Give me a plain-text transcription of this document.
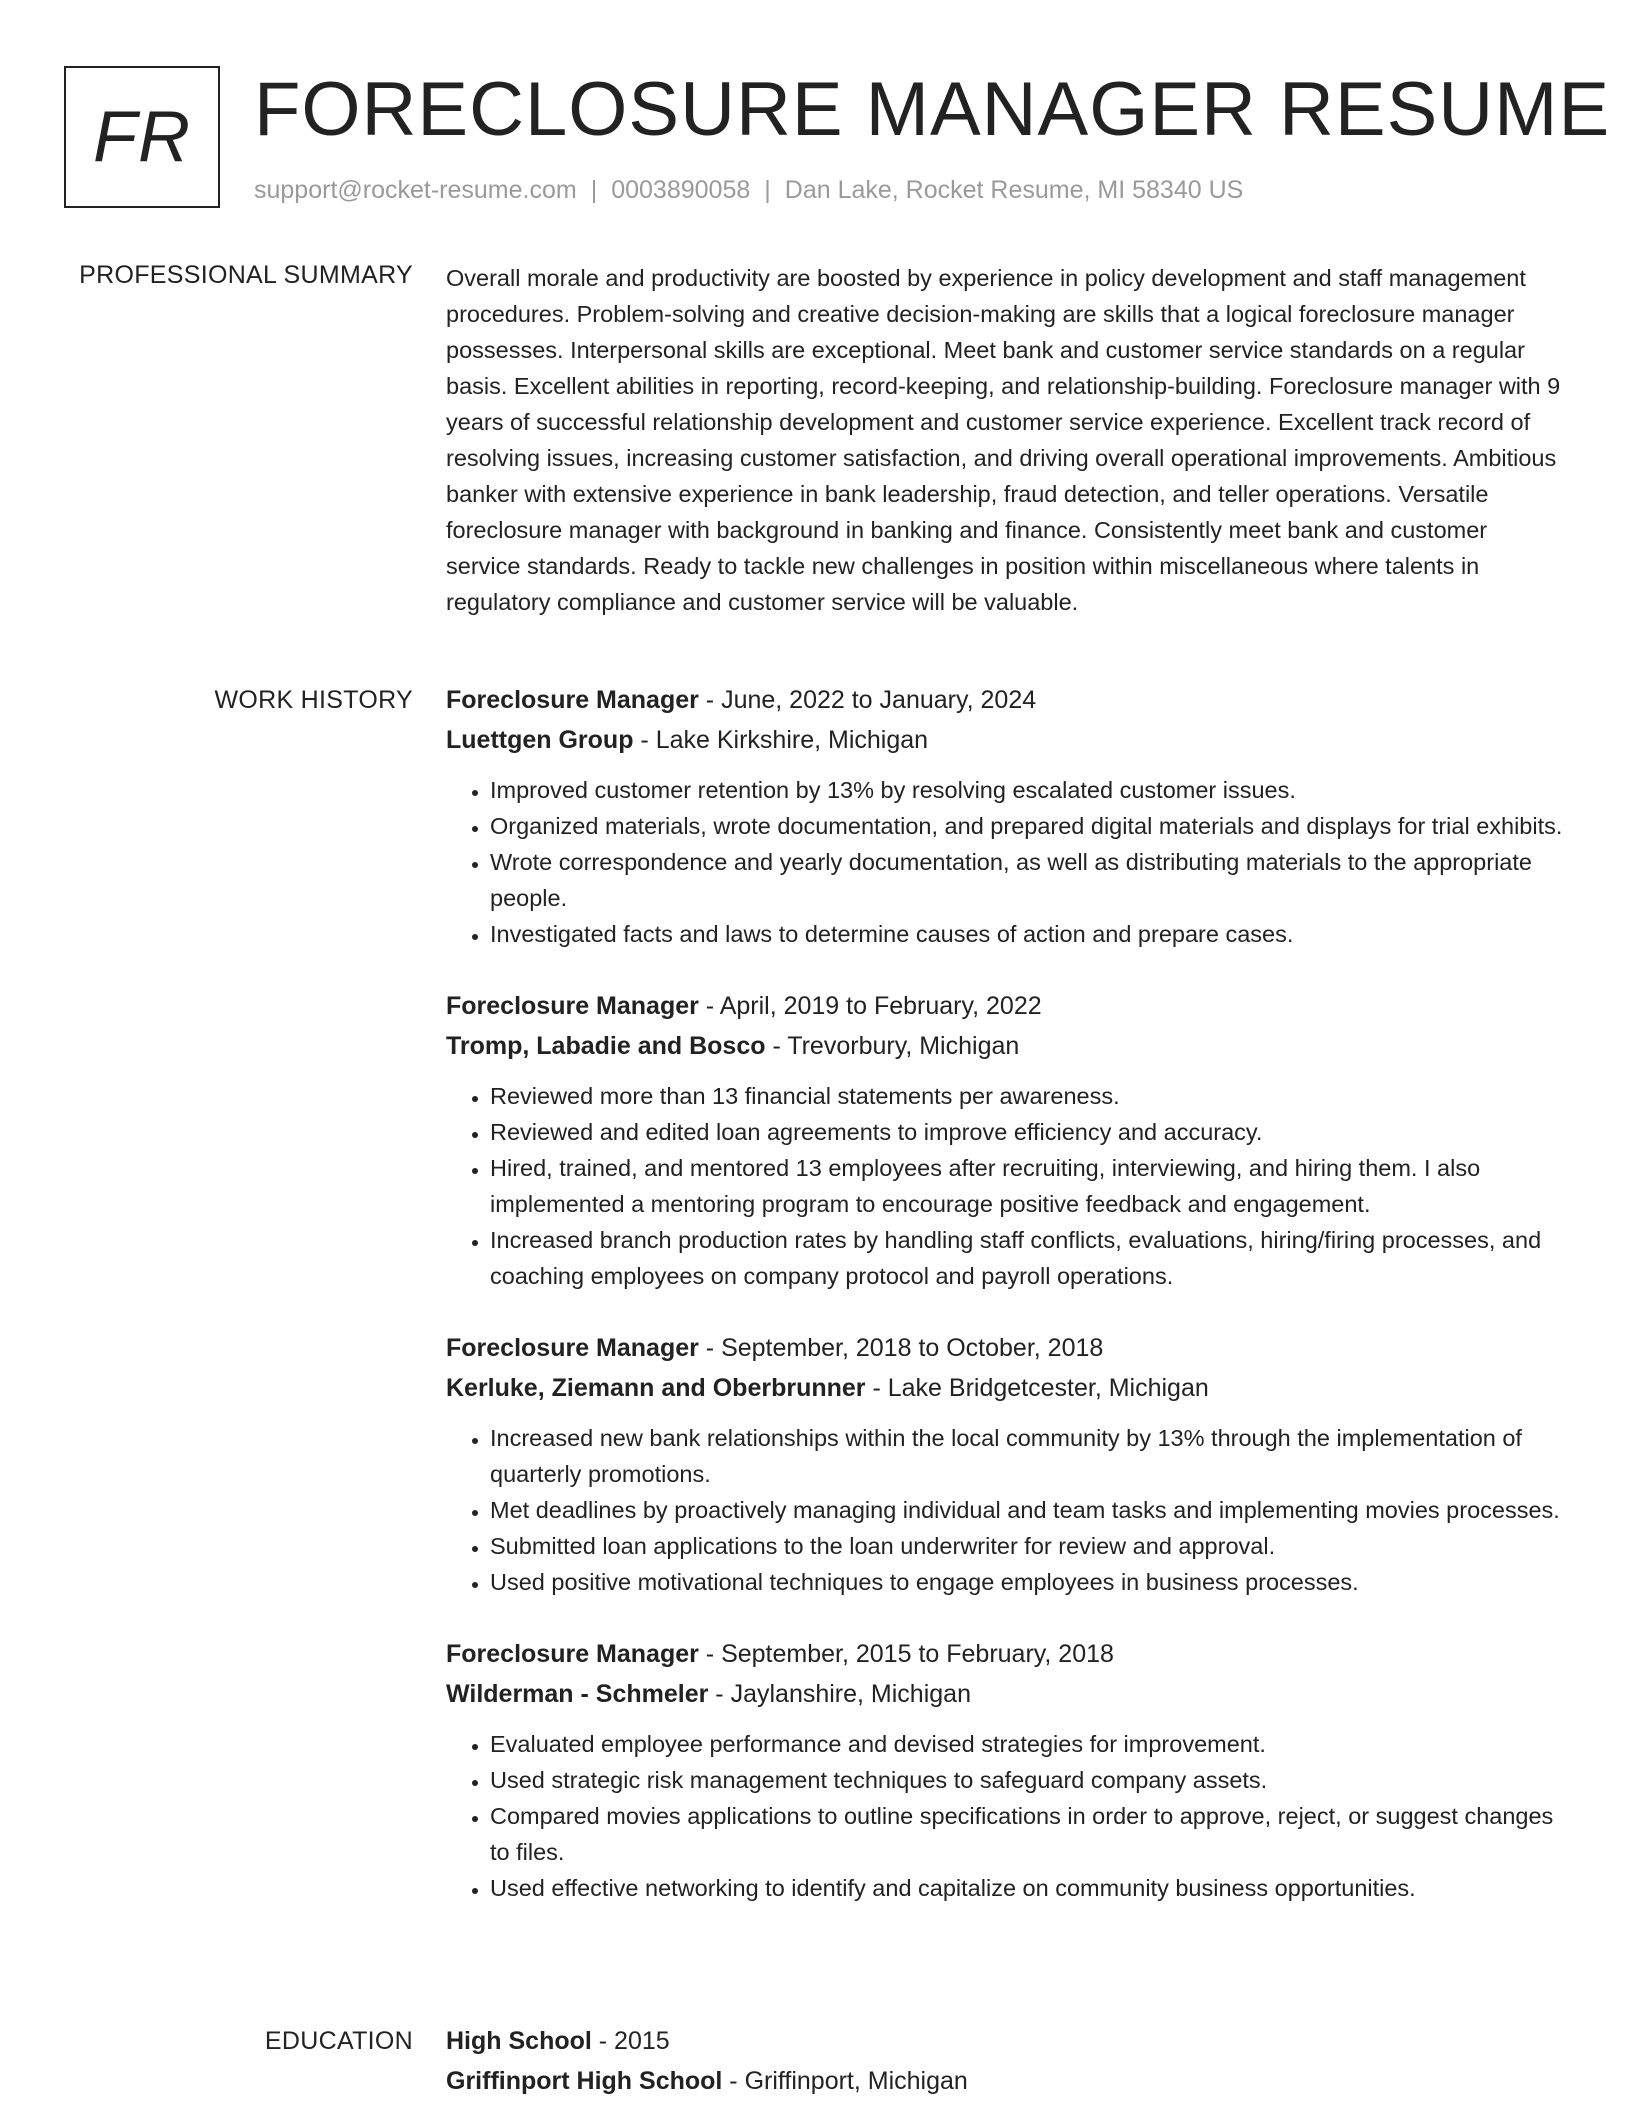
FR FORECLOSURE MANAGER RESUME
support@rocket-resume.com | 0003890058 | Dan Lake, Rocket Resume, MI 58340 US
PROFESSIONAL SUMMARY Overall morale and productivity are boosted by experience in policy development and staff management procedures. Problem-solving and creative decision-making are skills that a logical foreclosure manager possesses. Interpersonal skills are exceptional. Meet bank and customer service standards on a regular basis. Excellent abilities in reporting, record-keeping, and relationship-building. Foreclosure manager with 9 years of successful relationship development and customer service experience. Excellent track record of resolving issues, increasing customer satisfaction, and driving overall operational improvements. Ambitious banker with extensive experience in bank leadership, fraud detection, and teller operations. Versatile foreclosure manager with background in banking and finance. Consistently meet bank and customer service standards. Ready to tackle new challenges in position within miscellaneous where talents in regulatory compliance and customer service will be valuable.

WORK HISTORY Foreclosure Manager - June, 2022 to January, 2024
Luettgen Group - Lake Kirkshire, Michigan
• Improved customer retention by 13% by resolving escalated customer issues.
• Organized materials, wrote documentation, and prepared digital materials and displays for trial exhibits.
• Wrote correspondence and yearly documentation, as well as distributing materials to the appropriate people.
• Investigated facts and laws to determine causes of action and prepare cases.
Foreclosure Manager - April, 2019 to February, 2022
Tromp, Labadie and Bosco - Trevorbury, Michigan
• Reviewed more than 13 financial statements per awareness.
• Reviewed and edited loan agreements to improve efficiency and accuracy.
• Hired, trained, and mentored 13 employees after recruiting, interviewing, and hiring them. I also implemented a mentoring program to encourage positive feedback and engagement.
• Increased branch production rates by handling staff conflicts, evaluations, hiring/firing processes, and coaching employees on company protocol and payroll operations.
Foreclosure Manager - September, 2018 to October, 2018
Kerluke, Ziemann and Oberbrunner - Lake Bridgetcester, Michigan
• Increased new bank relationships within the local community by 13% through the implementation of quarterly promotions.
• Met deadlines by proactively managing individual and team tasks and implementing movies processes.
• Submitted loan applications to the loan underwriter for review and approval.
• Used positive motivational techniques to engage employees in business processes.
Foreclosure Manager - September, 2015 to February, 2018
Wilderman - Schmeler - Jaylanshire, Michigan
• Evaluated employee performance and devised strategies for improvement.
• Used strategic risk management techniques to safeguard company assets.
• Compared movies applications to outline specifications in order to approve, reject, or suggest changes to files.
• Used effective networking to identify and capitalize on community business opportunities.
EDUCATION High School - 2015
Griffinport High School - Griffinport, Michigan
